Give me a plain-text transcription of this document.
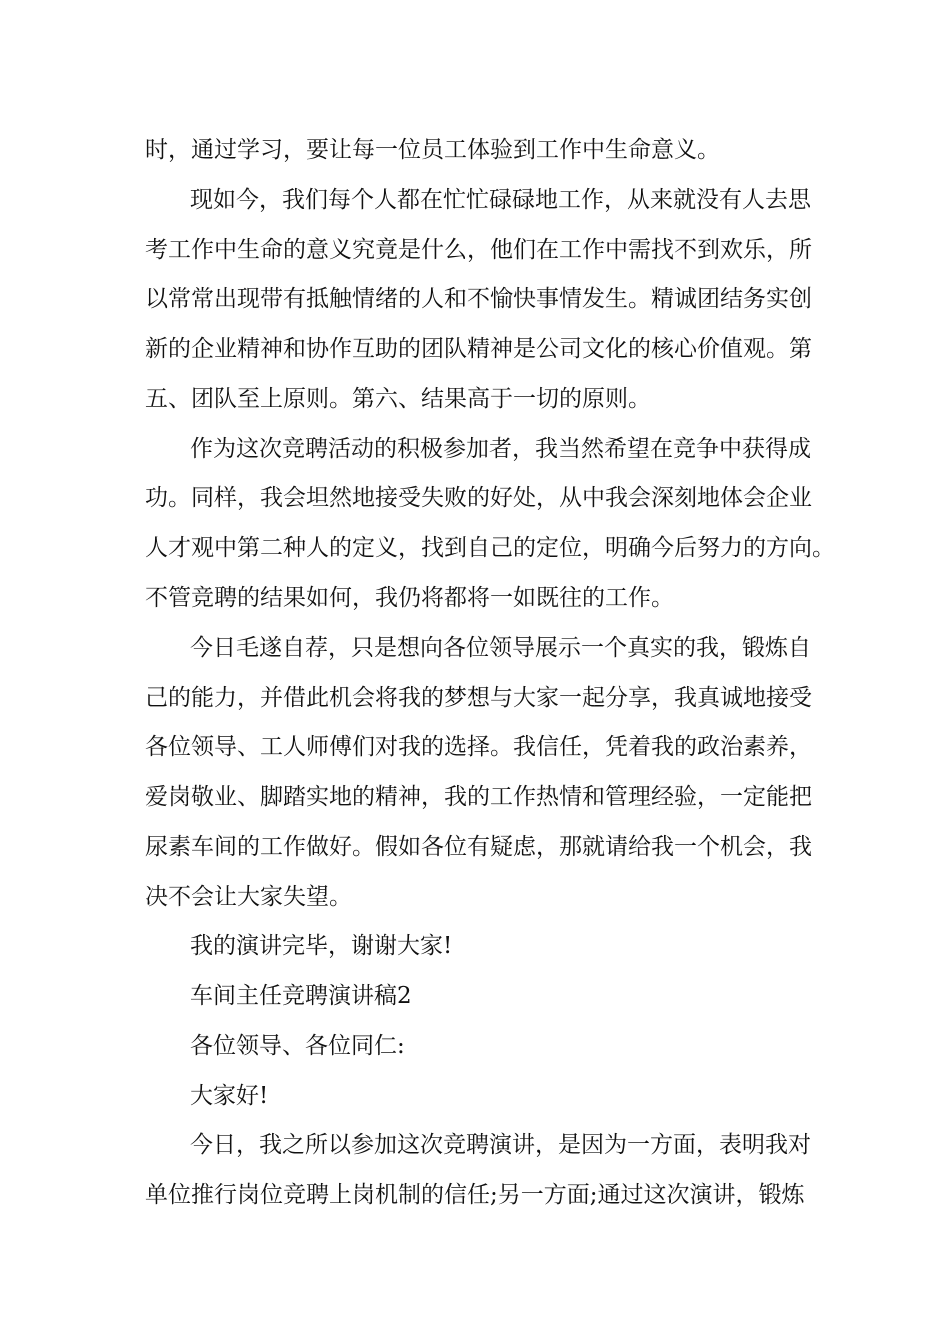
时，通过学习，要让每一位员工体验到工作中生命意义。
现如今，我们每个人都在忙忙碌碌地工作，从来就没有人去思
考工作中生命的意义究竟是什么，他们在工作中需找不到欢乐，所
以常常出现带有抵触情绪的人和不愉快事情发生。精诚团结务实创
新的企业精神和协作互助的团队精神是公司文化的核心价值观。第
五、团队至上原则。第六、结果高于一切的原则。
作为这次竞聘活动的积极参加者，我当然希望在竞争中获得成
功。同样，我会坦然地接受失败的好处，从中我会深刻地体会企业
人才观中第二种人的定义，找到自己的定位，明确今后努力的方向。
不管竞聘的结果如何，我仍将都将一如既往的工作。
今日毛遂自荐，只是想向各位领导展示一个真实的我，锻炼自
己的能力，并借此机会将我的梦想与大家一起分享，我真诚地接受
各位领导、工人师傅们对我的选择。我信任，凭着我的政治素养，
爱岗敬业、脚踏实地的精神，我的工作热情和管理经验，一定能把
尿素车间的工作做好。假如各位有疑虑，那就请给我一个机会，我
决不会让大家失望。
我的演讲完毕，谢谢大家!
车间主任竞聘演讲稿2
各位领导、各位同仁:
大家好!
今日，我之所以参加这次竞聘演讲，是因为一方面，表明我对
单位推行岗位竞聘上岗机制的信任;另一方面;通过这次演讲，锻炼
